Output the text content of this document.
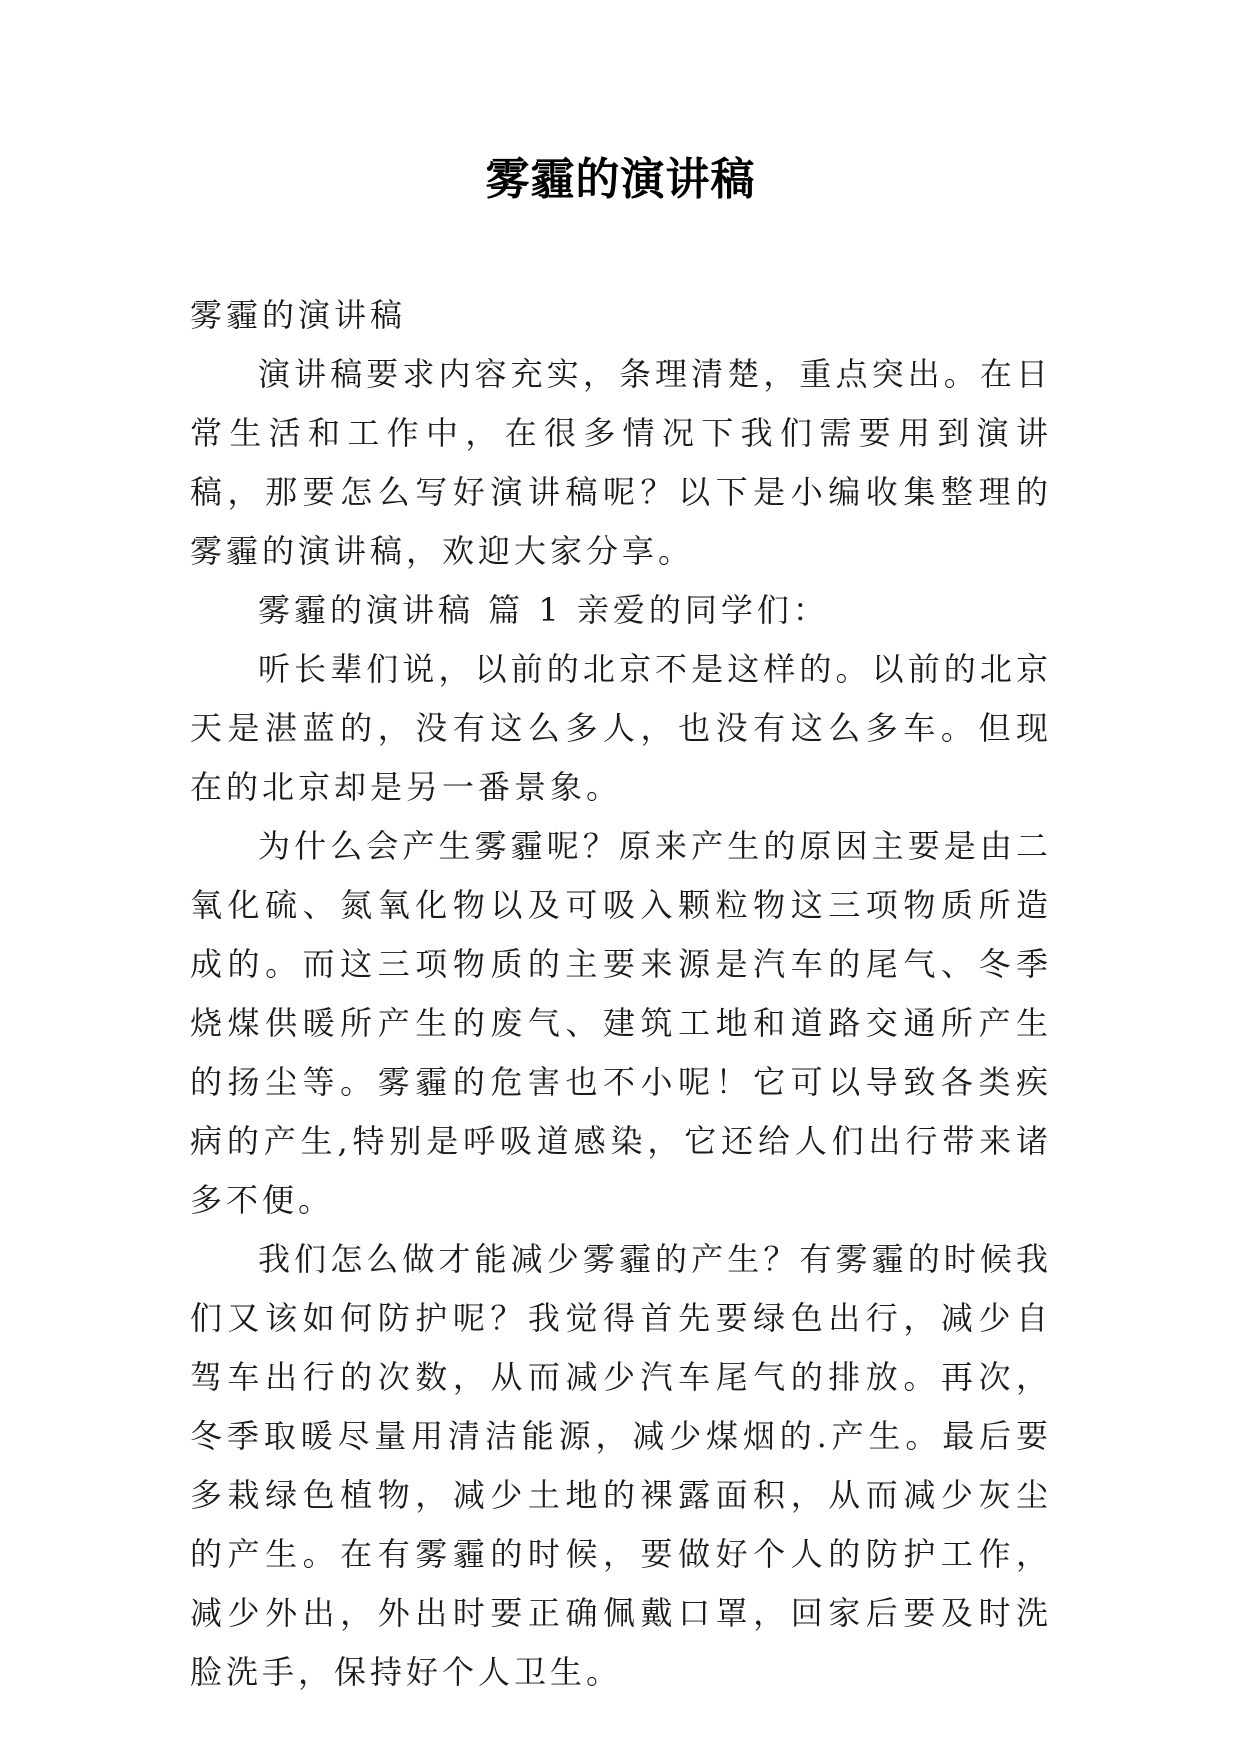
雾霾的演讲稿

雾霾的演讲稿

演讲稿要求内容充实，条理清楚，重点突出。在日常生活和工作中，在很多情况下我们需要用到演讲稿，那要怎么写好演讲稿呢？以下是小编收集整理的雾霾的演讲稿，欢迎大家分享。

雾霾的演讲稿 篇 1 亲爱的同学们：

听长辈们说，以前的北京不是这样的。以前的北京天是湛蓝的，没有这么多人，也没有这么多车。但现在的北京却是另一番景象。

为什么会产生雾霾呢？原来产生的原因主要是由二氧化硫、氮氧化物以及可吸入颗粒物这三项物质所造成的。而这三项物质的主要来源是汽车的尾气、冬季烧煤供暖所产生的废气、建筑工地和道路交通所产生的扬尘等。雾霾的危害也不小呢！它可以导致各类疾病的产生,特别是呼吸道感染，它还给人们出行带来诸多不便。

我们怎么做才能减少雾霾的产生？有雾霾的时候我们又该如何防护呢？我觉得首先要绿色出行，减少自驾车出行的次数，从而减少汽车尾气的排放。再次，冬季取暖尽量用清洁能源，减少煤烟的.产生。最后要多栽绿色植物，减少土地的裸露面积，从而减少灰尘的产生。在有雾霾的时候，要做好个人的防护工作，减少外出，外出时要正确佩戴口罩，回家后要及时洗脸洗手，保持好个人卫生。
